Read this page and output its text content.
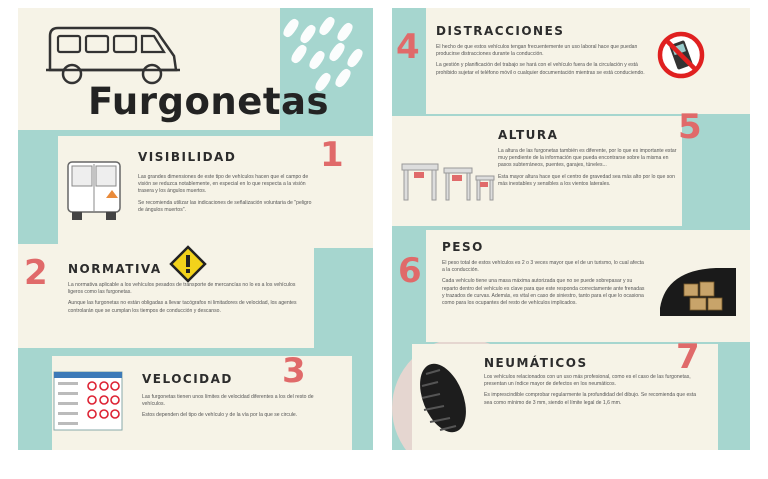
Furgonetas
VISIBILIDAD 1

Las grandes dimensiones de este tipo de vehículos hacen que el campo de visión se reduzca notablemente, en especial en lo que respecta a la visión trasera y los ángulos muertos.

Se recomienda utilizar las indicaciones de señalización voluntaria de "peligro de ángulos muertos".

2 NORMATIVA

La normativa aplicable a los vehículos pesados de transporte de mercancías no lo es a los vehículos ligeros como las furgonetas.

Aunque las furgonetas no están obligadas a llevar tacógrafos ni limitadores de velocidad, los agentes controlarán que se cumplan los tiempos de conducción y descanso.

VELOCIDAD 3

Las furgonetas tienen unos límites de velocidad diferentes a los del resto de vehículos.

Estos dependen del tipo de vehículo y de la vía por la que se circule.

4 DISTRACCIONES

El hecho de que estos vehículos tengan frecuentemente un uso laboral hace que puedan producirse distracciones durante la conducción.

La gestión y planificación del trabajo se hará con el vehículo fuera de la circulación y está prohibido sujetar el teléfono móvil o cualquier documentación mientras se está conduciendo.

ALTURA	5

La altura de las furgonetas también es diferente, por lo que es importante estar muy pendiente de la información que pueda encontrarse sobre la misma en pasos subterráneos, puentes, garajes, túneles...

Esta mayor altura hace que el centro de gravedad sea más alto por lo que son más inestables y sensibles a los vientos laterales.

6
PESO

El peso total de estos vehículos es 2 o 3 veces mayor que el de un turismo, lo cual afecta a la conducción.

Cada vehículo tiene una masa máxima autorizada que no se puede sobrepasar y su reparto dentro del vehículo es clave para que este responda correctamente ante frenadas y trazados de curvas. Además, es vital en caso de siniestro, tanto para el que lo ocasiona como para los ocupantes del resto de vehículos implicados.

NEUMÁTICOS	7

Los vehículos relacionados con un uso más profesional, como es el caso de las furgonetas, presentan un índice mayor de defectos en los neumáticos.

Es imprescindible comprobar regularmente la profundidad del dibujo. Se recomienda que esta sea como mínimo de 3 mm, siendo el límite legal de 1,6 mm.
